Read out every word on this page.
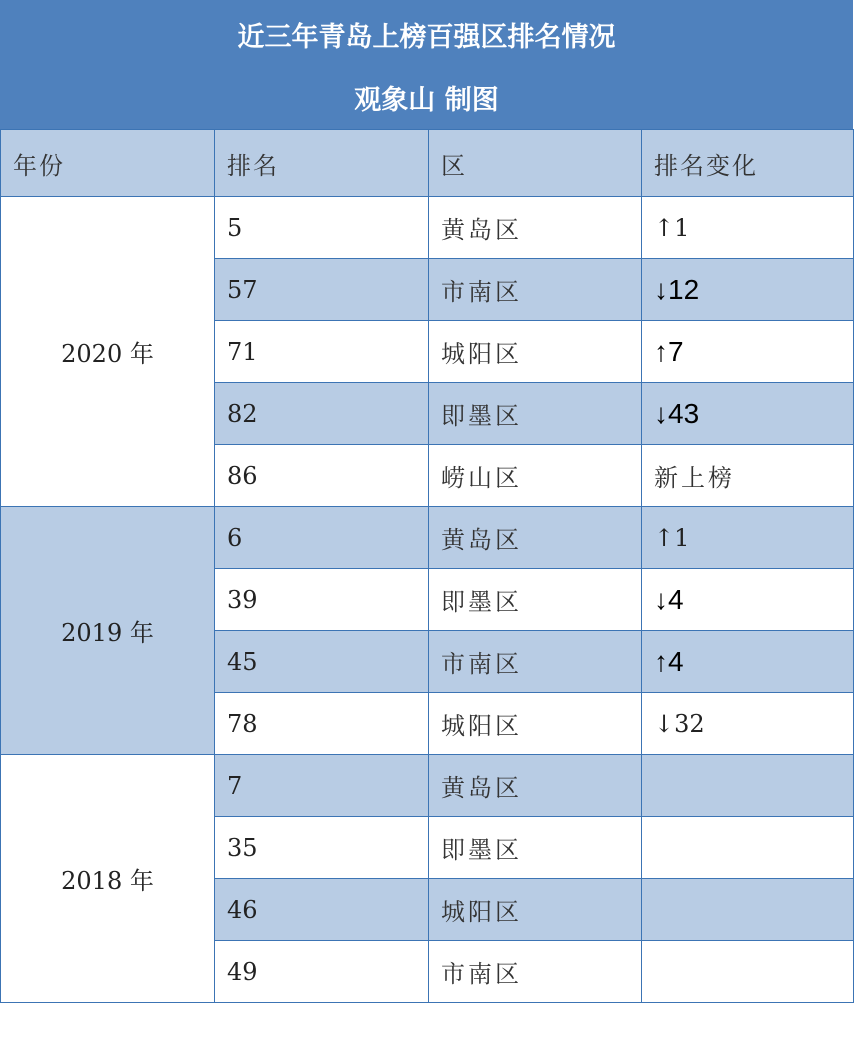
近三年青岛上榜百强区排名情况
观象山 制图
年份	排名	区	排名变化
2020 年	5	黄岛区	↑1
	57	市南区	↓12
	71	城阳区	↑7
	82	即墨区	↓43
	86	崂山区	新上榜
2019 年	6	黄岛区	↑1
	39	即墨区	↓4
	45	市南区	↑4
	78	城阳区	↓32
2018 年	7	黄岛区	
	35	即墨区	
	46	城阳区	
	49	市南区	
